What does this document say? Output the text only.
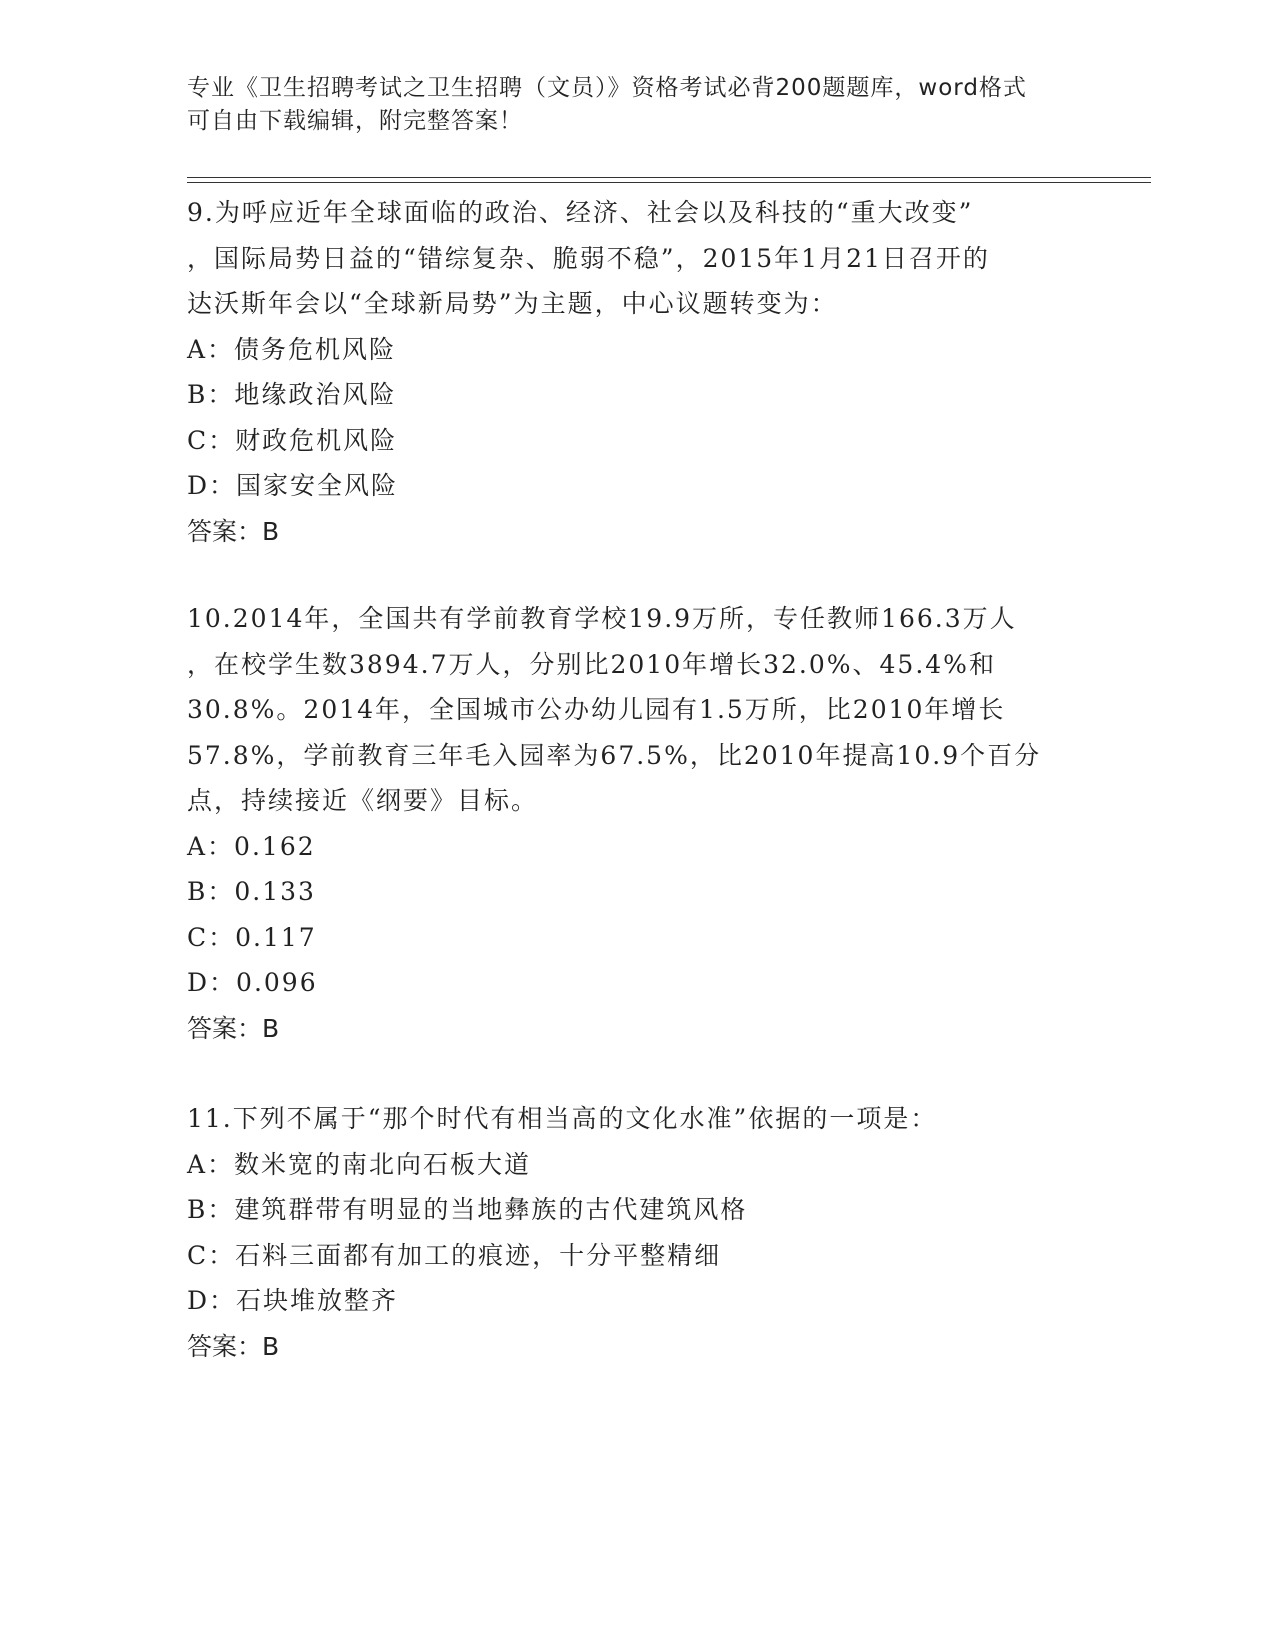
专业《卫生招聘考试之卫生招聘（文员）》资格考试必背200题题库，word格式
可自由下载编辑，附完整答案！
9.为呼应近年全球面临的政治、经济、社会以及科技的“重大改变”
，国际局势日益的“错综复杂、脆弱不稳”，2015年1月21日召开的
达沃斯年会以“全球新局势”为主题，中心议题转变为：
A：债务危机风险
B：地缘政治风险
C：财政危机风险
D：国家安全风险
答案：B
10.2014年，全国共有学前教育学校19.9万所，专任教师166.3万人
，在校学生数3894.7万人，分别比2010年增长32.0%、45.4%和
30.8%。2014年，全国城市公办幼儿园有1.5万所，比2010年增长
57.8%，学前教育三年毛入园率为67.5%，比2010年提高10.9个百分
点，持续接近《纲要》目标。
A：0.162
B：0.133
C：0.117
D：0.096
答案：B
11.下列不属于“那个时代有相当高的文化水准”依据的一项是：
A：数米宽的南北向石板大道
B：建筑群带有明显的当地彝族的古代建筑风格
C：石料三面都有加工的痕迹，十分平整精细
D：石块堆放整齐
答案：B
